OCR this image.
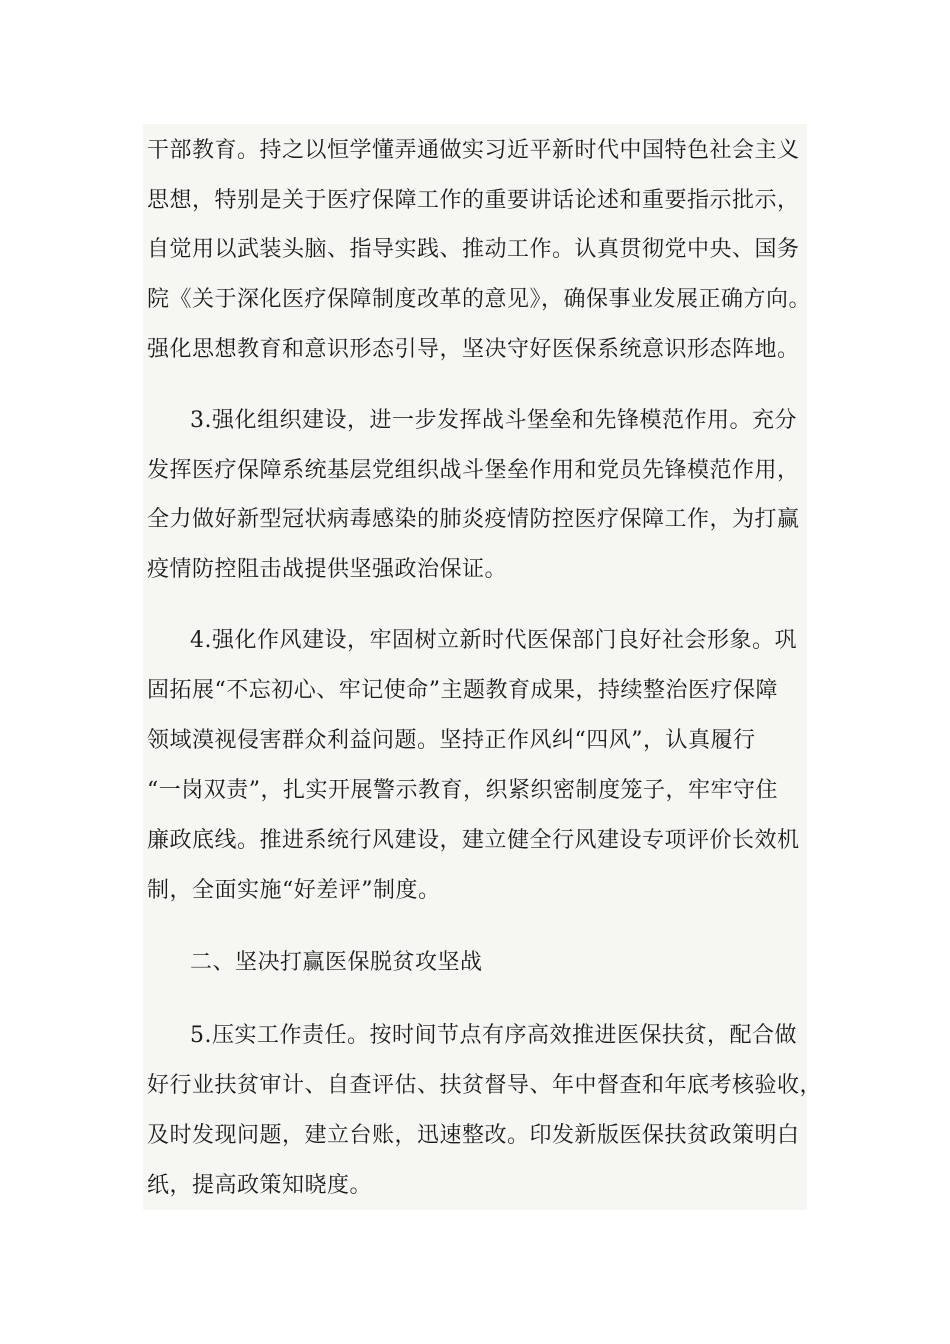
干部教育。持之以恒学懂弄通做实习近平新时代中国特色社会主义
思想，特别是关于医疗保障工作的重要讲话论述和重要指示批示，
自觉用以武装头脑、指导实践、推动工作。认真贯彻党中央、国务
院《关于深化医疗保障制度改革的意见》，确保事业发展正确方向。
强化思想教育和意识形态引导，坚决守好医保系统意识形态阵地。
3.强化组织建设，进一步发挥战斗堡垒和先锋模范作用。充分
发挥医疗保障系统基层党组织战斗堡垒作用和党员先锋模范作用，
全力做好新型冠状病毒感染的肺炎疫情防控医疗保障工作，为打赢
疫情防控阻击战提供坚强政治保证。
4.强化作风建设，牢固树立新时代医保部门良好社会形象。巩
固拓展“不忘初心、牢记使命”主题教育成果，持续整治医疗保障
领域漠视侵害群众利益问题。坚持正作风纠“四风”，认真履行
“一岗双责”，扎实开展警示教育，织紧织密制度笼子，牢牢守住
廉政底线。推进系统行风建设，建立健全行风建设专项评价长效机
制，全面实施“好差评”制度。
二、坚决打赢医保脱贫攻坚战
5.压实工作责任。按时间节点有序高效推进医保扶贫，配合做
好行业扶贫审计、自查评估、扶贫督导、年中督查和年底考核验收，
及时发现问题，建立台账，迅速整改。印发新版医保扶贫政策明白
纸，提高政策知晓度。
